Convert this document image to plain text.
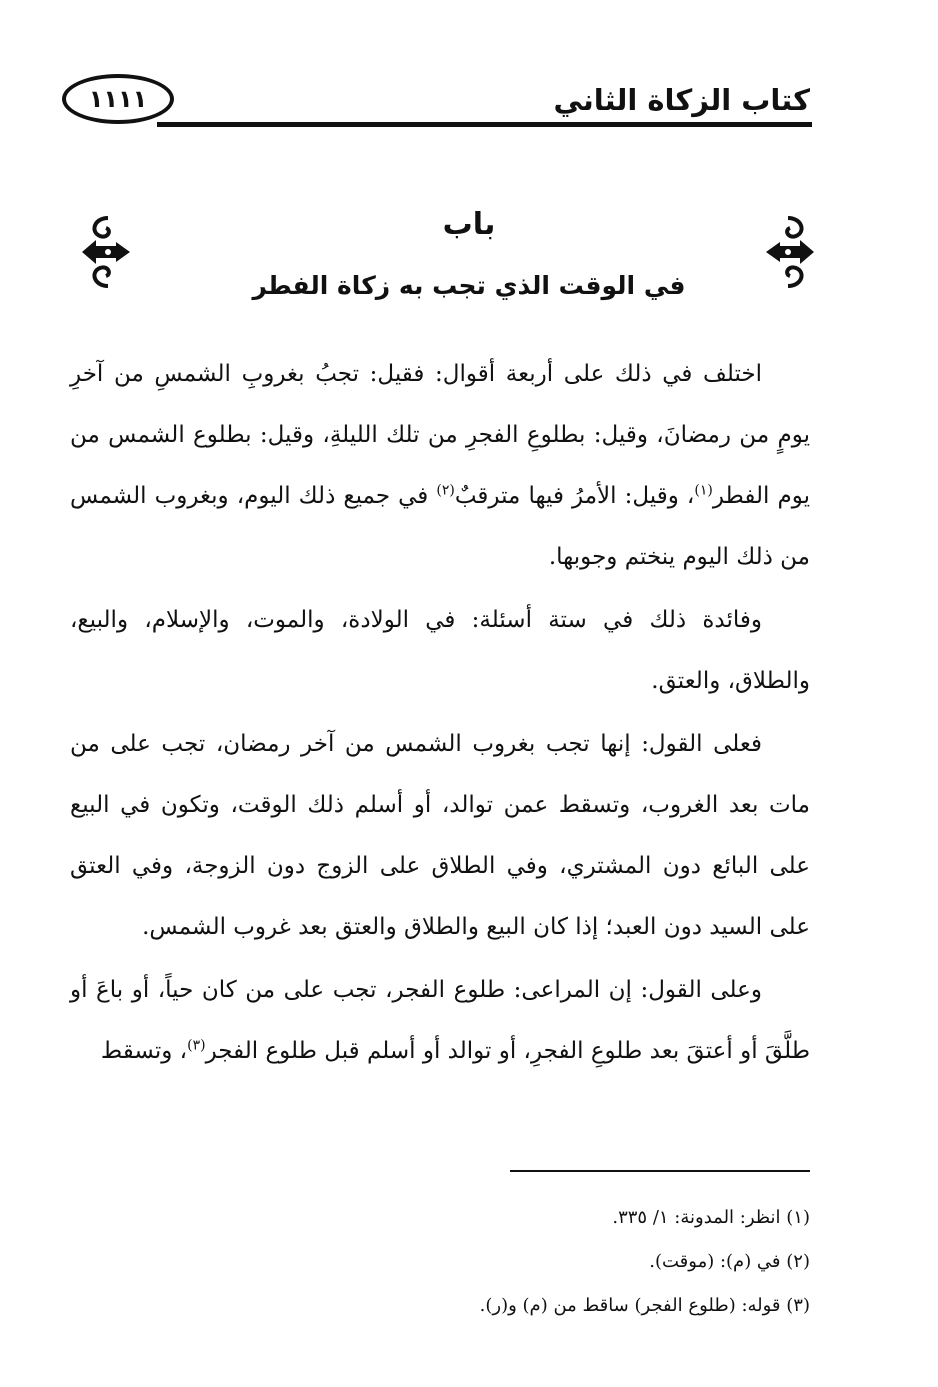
كتاب الزكاة الثاني
١١١١
باب
في الوقت الذي تجب به زكاة الفطر

اختلف في ذلك على أربعة أقوال: فقيل: تجبُ بغروبِ الشمسِ من آخرِ يومٍ من رمضانَ، وقيل: بطلوعِ الفجرِ من تلك الليلةِ، وقيل: بطلوع الشمس من يوم الفطر$^{(١)}$، وقيل: الأمرُ فيها مترقبٌ$^{(٢)}$ في جميع ذلك اليوم، وبغروب الشمس من ذلك اليوم ينختم وجوبها.

وفائدة ذلك في ستة أسئلة: في الولادة، والموت، والإسلام، والبيع، والطلاق، والعتق.

فعلى القول: إنها تجب بغروب الشمس من آخر رمضان، تجب على من مات بعد الغروب، وتسقط عمن توالد، أو أسلم ذلك الوقت، وتكون في البيع على البائع دون المشتري، وفي الطلاق على الزوج دون الزوجة، وفي العتق على السيد دون العبد؛ إذا كان البيع والطلاق والعتق بعد غروب الشمس.

وعلى القول: إن المراعى: طلوع الفجر، تجب على من كان حياً، أو باعَ أو طلَّقَ أو أعتقَ بعد طلوعِ الفجرِ، أو توالد أو أسلم قبل طلوع الفجر$^{(٣)}$، وتسقط

(١) انظر: المدونة: ١/ ٣٣٥.
(٢) في (م): (موقت).
(٣) قوله: (طلوع الفجر) ساقط من (م) و(ر).
